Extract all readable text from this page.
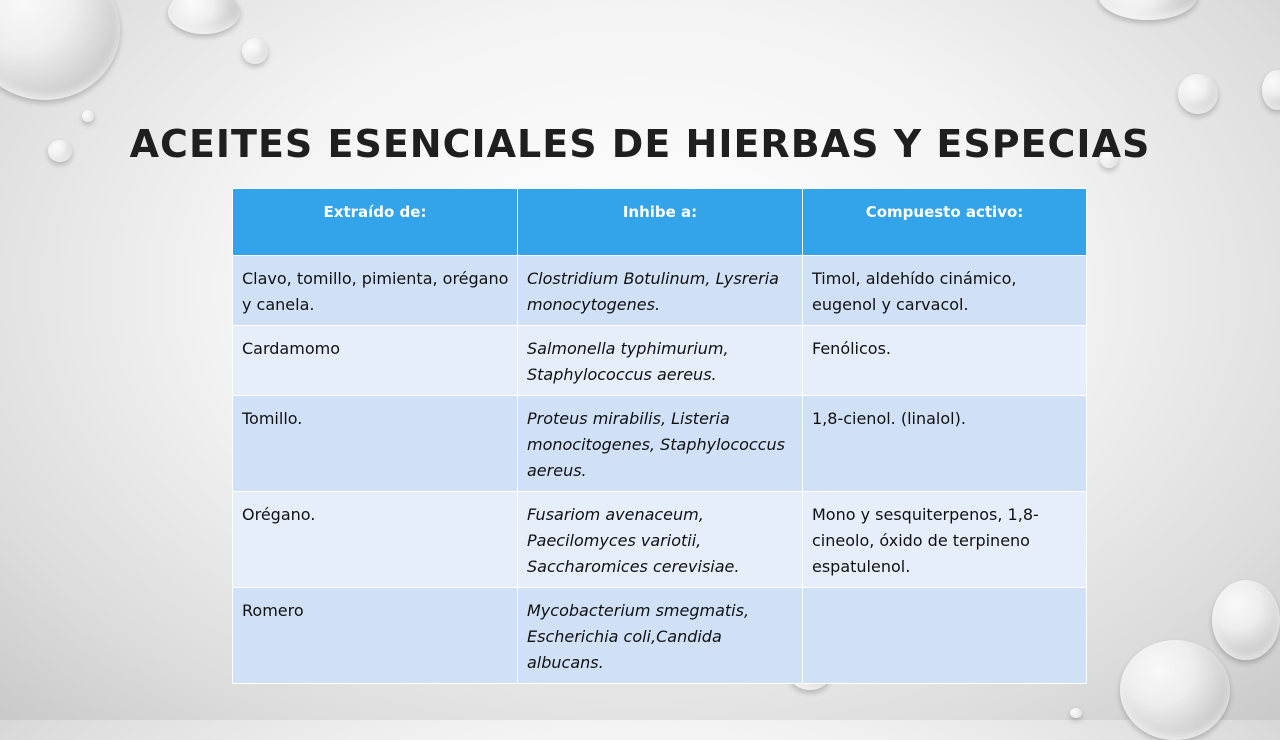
ACEITES ESENCIALES DE HIERBAS Y ESPECIAS
Extraído de:	Inhibe a:	Compuesto activo:
Clavo, tomillo, pimienta, orégano y canela.	Clostridium Botulinum, Lysreria monocytogenes.	Timol, aldehído cinámico, eugenol y carvacol.
Cardamomo	Salmonella typhimurium, Staphylococcus aereus.	Fenólicos.
Tomillo.	Proteus mirabilis, Listeria monocitogenes, Staphylococcus aereus.	1,8-cienol. (linalol).
Orégano.	Fusariom avenaceum, Paecilomyces variotii, Saccharomices cerevisiae.	Mono y sesquiterpenos, 1,8-cineolo, óxido de terpineno espatulenol.
Romero	Mycobacterium smegmatis, Escherichia coli,Candida albucans.	
